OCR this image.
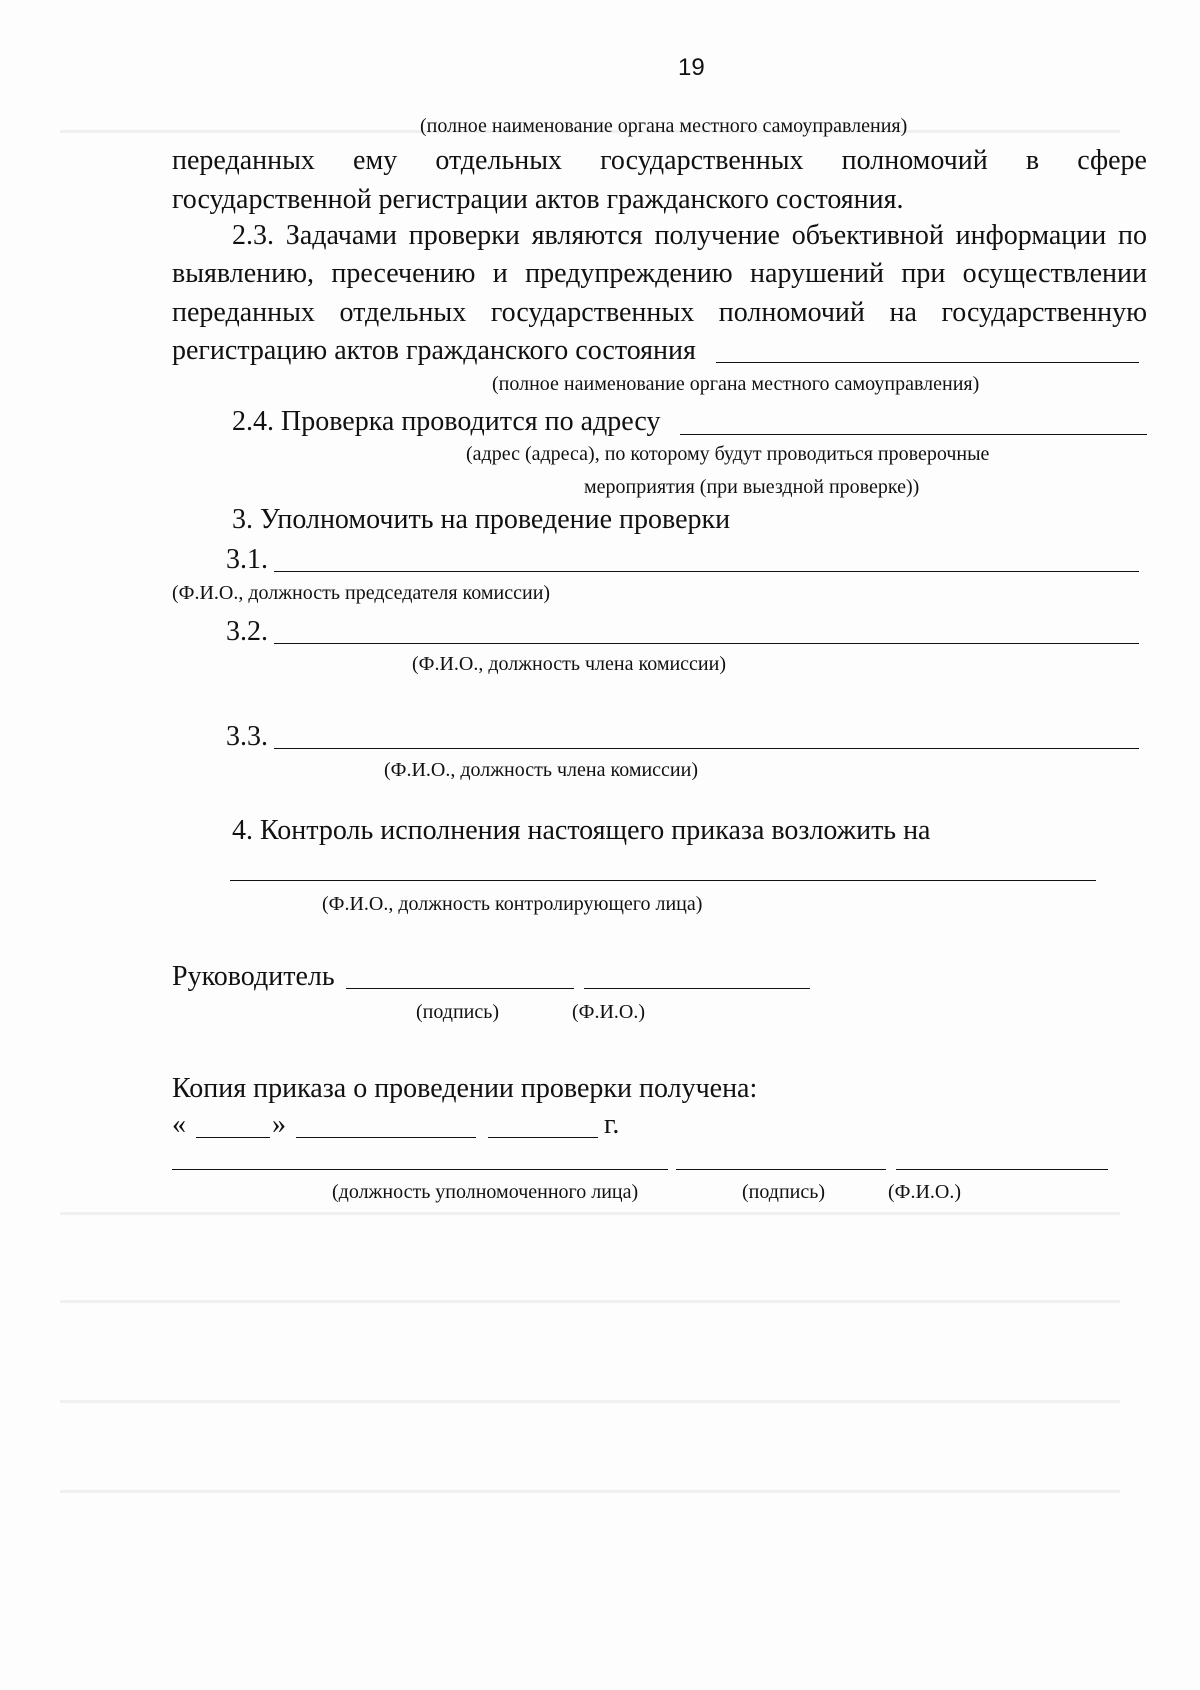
19
(полное наименование органа местного самоуправления)
переданных ему отдельных государственных полномочий в сфере
государственной регистрации актов гражданского состояния.
2.3. Задачами проверки являются получение объективной информации по
выявлению, пресечению и предупреждению нарушений при осуществлении
переданных отдельных государственных полномочий на государственную
регистрацию актов гражданского состояния
(полное наименование органа местного самоуправления)
2.4. Проверка проводится по адресу
(адрес (адреса), по которому будут проводиться проверочные
мероприятия (при выездной проверке))
3. Уполномочить на проведение проверки
3.1.
(Ф.И.О., должность председателя комиссии)
3.2.
(Ф.И.О., должность члена комиссии)
3.3.
(Ф.И.О., должность члена комиссии)
4. Контроль исполнения настоящего приказа возложить на
(Ф.И.О., должность контролирующего лица)
Руководитель
(подпись)	(Ф.И.О.)
Копия приказа о проведении проверки получена:
«	»	г.
(должность уполномоченного лица)	(подпись)	(Ф.И.О.)
